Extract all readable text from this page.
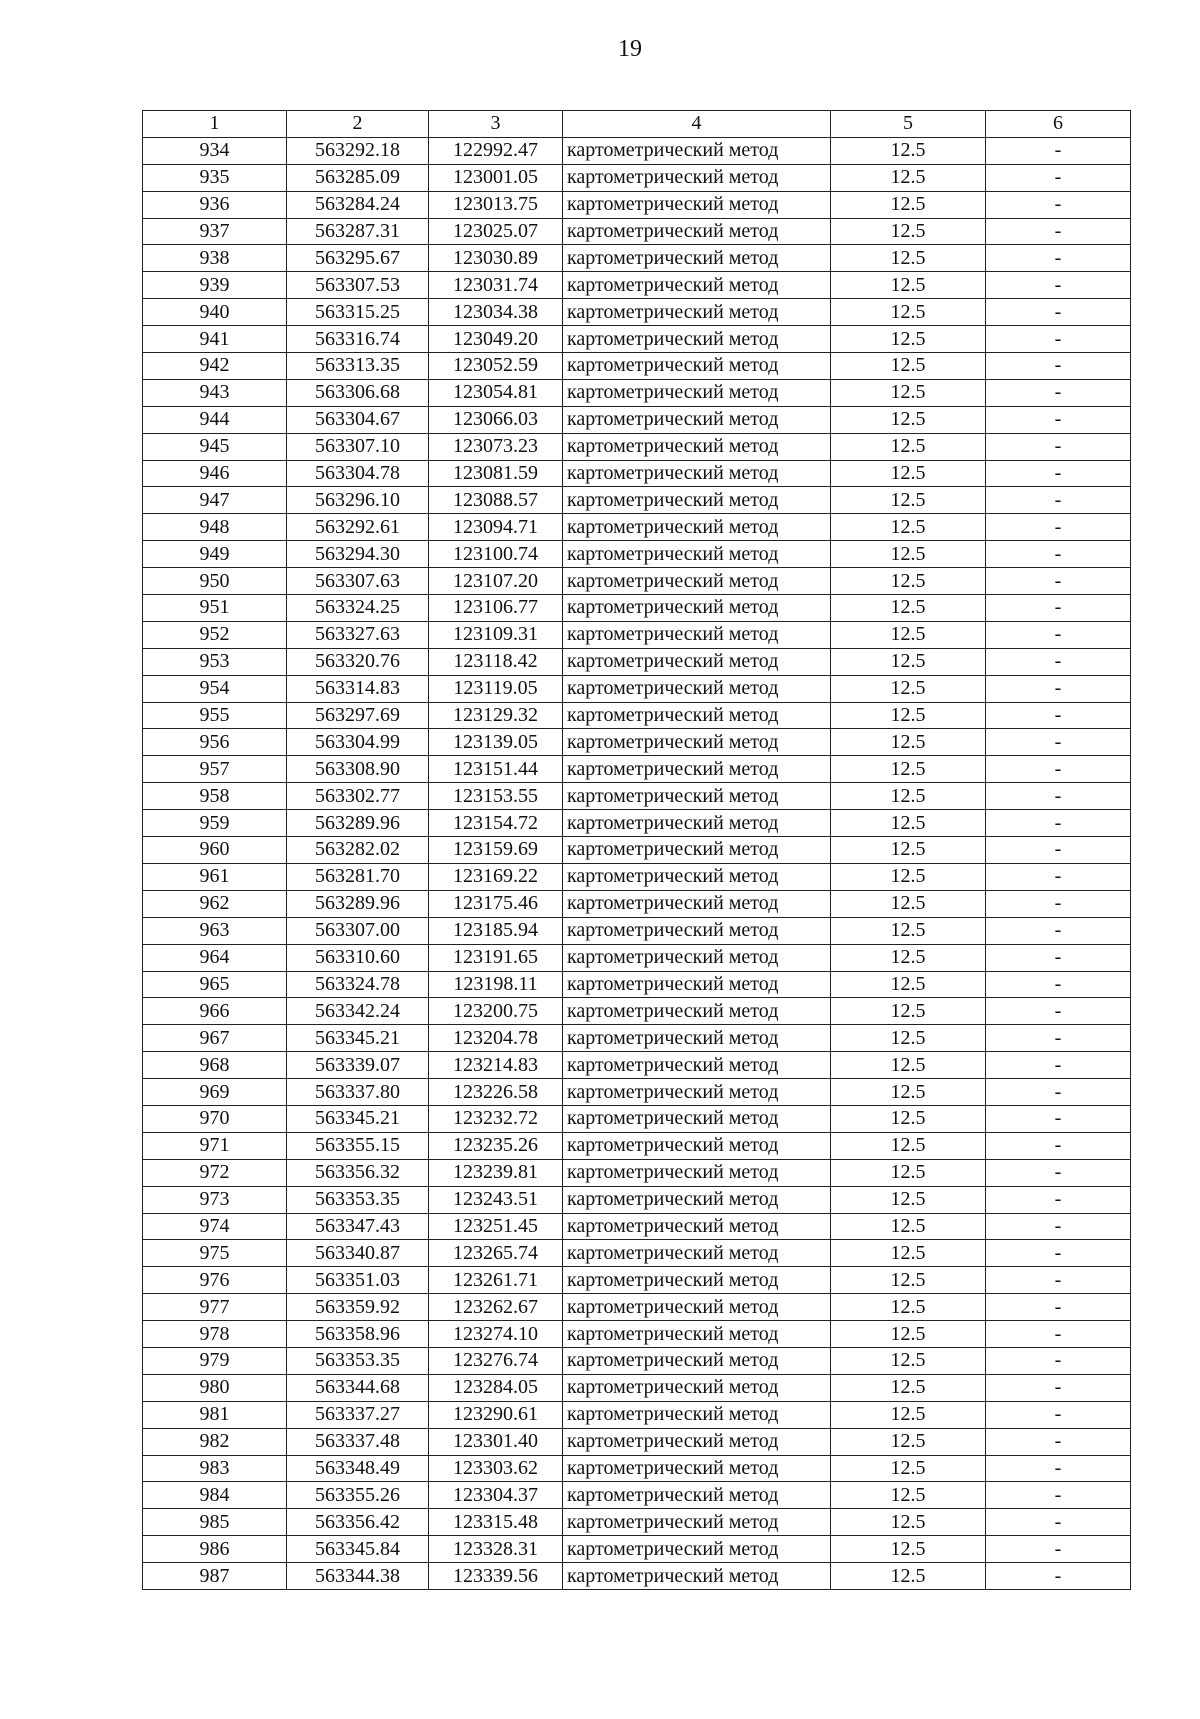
19
1	2	3	4	5	6
934	563292.18	122992.47	картометрический метод	12.5	-
935	563285.09	123001.05	картометрический метод	12.5	-
936	563284.24	123013.75	картометрический метод	12.5	-
937	563287.31	123025.07	картометрический метод	12.5	-
938	563295.67	123030.89	картометрический метод	12.5	-
939	563307.53	123031.74	картометрический метод	12.5	-
940	563315.25	123034.38	картометрический метод	12.5	-
941	563316.74	123049.20	картометрический метод	12.5	-
942	563313.35	123052.59	картометрический метод	12.5	-
943	563306.68	123054.81	картометрический метод	12.5	-
944	563304.67	123066.03	картометрический метод	12.5	-
945	563307.10	123073.23	картометрический метод	12.5	-
946	563304.78	123081.59	картометрический метод	12.5	-
947	563296.10	123088.57	картометрический метод	12.5	-
948	563292.61	123094.71	картометрический метод	12.5	-
949	563294.30	123100.74	картометрический метод	12.5	-
950	563307.63	123107.20	картометрический метод	12.5	-
951	563324.25	123106.77	картометрический метод	12.5	-
952	563327.63	123109.31	картометрический метод	12.5	-
953	563320.76	123118.42	картометрический метод	12.5	-
954	563314.83	123119.05	картометрический метод	12.5	-
955	563297.69	123129.32	картометрический метод	12.5	-
956	563304.99	123139.05	картометрический метод	12.5	-
957	563308.90	123151.44	картометрический метод	12.5	-
958	563302.77	123153.55	картометрический метод	12.5	-
959	563289.96	123154.72	картометрический метод	12.5	-
960	563282.02	123159.69	картометрический метод	12.5	-
961	563281.70	123169.22	картометрический метод	12.5	-
962	563289.96	123175.46	картометрический метод	12.5	-
963	563307.00	123185.94	картометрический метод	12.5	-
964	563310.60	123191.65	картометрический метод	12.5	-
965	563324.78	123198.11	картометрический метод	12.5	-
966	563342.24	123200.75	картометрический метод	12.5	-
967	563345.21	123204.78	картометрический метод	12.5	-
968	563339.07	123214.83	картометрический метод	12.5	-
969	563337.80	123226.58	картометрический метод	12.5	-
970	563345.21	123232.72	картометрический метод	12.5	-
971	563355.15	123235.26	картометрический метод	12.5	-
972	563356.32	123239.81	картометрический метод	12.5	-
973	563353.35	123243.51	картометрический метод	12.5	-
974	563347.43	123251.45	картометрический метод	12.5	-
975	563340.87	123265.74	картометрический метод	12.5	-
976	563351.03	123261.71	картометрический метод	12.5	-
977	563359.92	123262.67	картометрический метод	12.5	-
978	563358.96	123274.10	картометрический метод	12.5	-
979	563353.35	123276.74	картометрический метод	12.5	-
980	563344.68	123284.05	картометрический метод	12.5	-
981	563337.27	123290.61	картометрический метод	12.5	-
982	563337.48	123301.40	картометрический метод	12.5	-
983	563348.49	123303.62	картометрический метод	12.5	-
984	563355.26	123304.37	картометрический метод	12.5	-
985	563356.42	123315.48	картометрический метод	12.5	-
986	563345.84	123328.31	картометрический метод	12.5	-
987	563344.38	123339.56	картометрический метод	12.5	-
